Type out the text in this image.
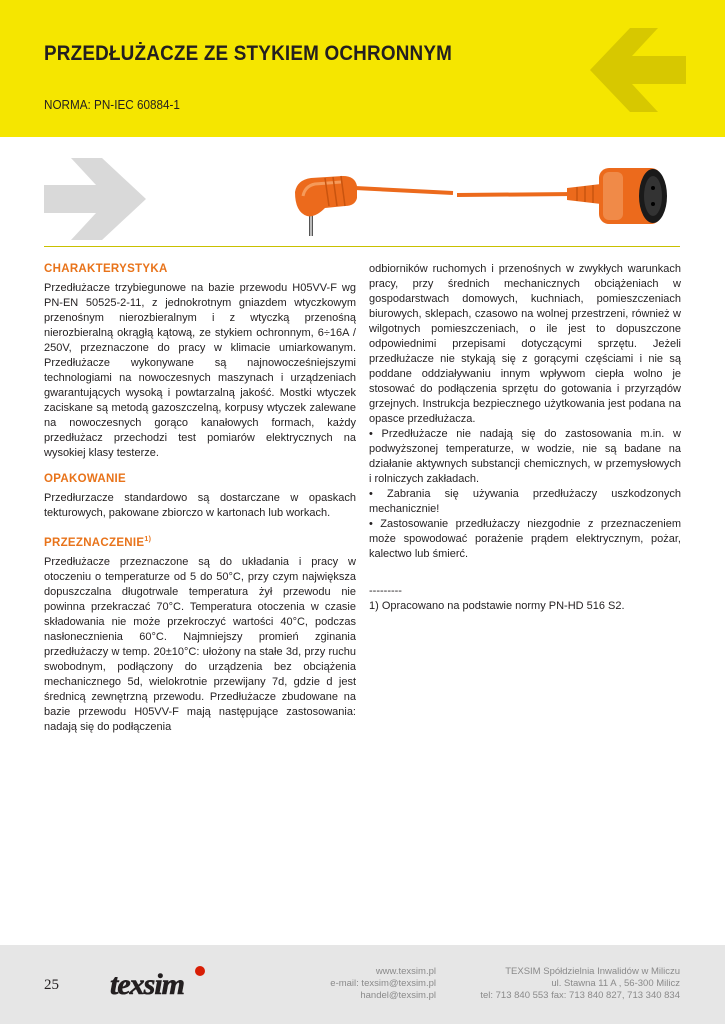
PRZEDŁUŻACZE ZE STYKIEM OCHRONNYM
NORMA: PN-IEC 60884-1
CHARAKTERYSTYKA

Przedłużacze trzybiegunowe na bazie przewodu H05VV-F wg PN-EN 50525-2-11, z jednokrotnym gniazdem wtyczkowym przenośnym nierozbieralnym i z wtyczką przenośną nierozbieralną okrągłą kątową, ze stykiem ochronnym, 6÷16A / 250V, przeznaczone do pracy w klimacie umiarkowanym. Przedłużacze wykonywane są najnowocześniejszymi technologiami na nowoczesnych maszynach i urządzeniach gwarantujących wysoką i powtarzalną jakość. Mostki wtyczek zaciskane są metodą gazoszczelną, korpusy wtyczek zalewane na nowoczesnych gorąco kanałowych formach, każdy przedłużacz przechodzi test pomiarów elektrycznych na wysokiej klasy testerze.

OPAKOWANIE

Przedłurzacze standardowo są dostarczane w opaskach tekturowych, pakowane zbiorczo w kartonach lub workach.

PRZEZNACZENIE$^{1)}$

Przedłużacze przeznaczone są do układania i pracy w otoczeniu o temperaturze od 5 do 50°C, przy czym największa dopuszczalna długotrwale temperatura żył przewodu nie powinna przekraczać 70°C. Temperatura otoczenia w czasie składowania nie może przekroczyć wartości 40°C, podczas nasłonecznienia 60°C. Najmniejszy promień zginania przedłużaczy w temp. 20±10°C: ułożony na stałe 3d, przy ruchu swobodnym, podłączony do urządzenia bez obciążenia mechanicznego 5d, wielokrotnie przewijany 7d, gdzie d jest średnicą zewnętrzną przewodu. Przedłużacze zbudowane na bazie przewodu H05VV-F mają następujące zastosowania: nadają się do podłączenia

odbiorników ruchomych i przenośnych w zwykłych warunkach pracy, przy średnich mechanicznych obciążeniach w gospodarstwach domowych, kuchniach, pomieszczeniach biurowych, sklepach, czasowo na wolnej przestrzeni, również w wilgotnych pomieszczeniach, o ile jest to dopuszczone odpowiednimi przepisami dotyczącymi sprzętu. Jeżeli przedłużacze nie stykają się z gorącymi częściami i nie są poddane oddziaływaniu innym wpływom ciepła wolno je stosować do podłączenia sprzętu do gotowania i przyrządów grzejnych. Instrukcja bezpiecznego użytkowania jest podana na opasce przedłużacza.

• Przedłużacze nie nadają się do zastosowania m.in. w podwyższonej temperaturze, w wodzie, nie są badane na działanie aktywnych substancji chemicznych, w przemysłowych i rolniczych zakładach.

• Zabrania się używania przedłużaczy uszkodzonych mechanicznie!

• Zastosowanie przedłużaczy niezgodnie z przeznaczeniem może spowodować porażenie prądem elektrycznym, pożar, kalectwo lub śmierć.

---------

1) Opracowano na podstawie normy PN-HD 516 S2.

25 texsim	www.texsim.pl
e-mail: texsim@texsim.pl
handel@texsim.pl
TEXSIM Spółdzielnia Inwalidów w Miliczu
ul. Stawna 11 A , 56-300 Milicz
tel: 713 840 553 fax: 713 840 827, 713 340 834
